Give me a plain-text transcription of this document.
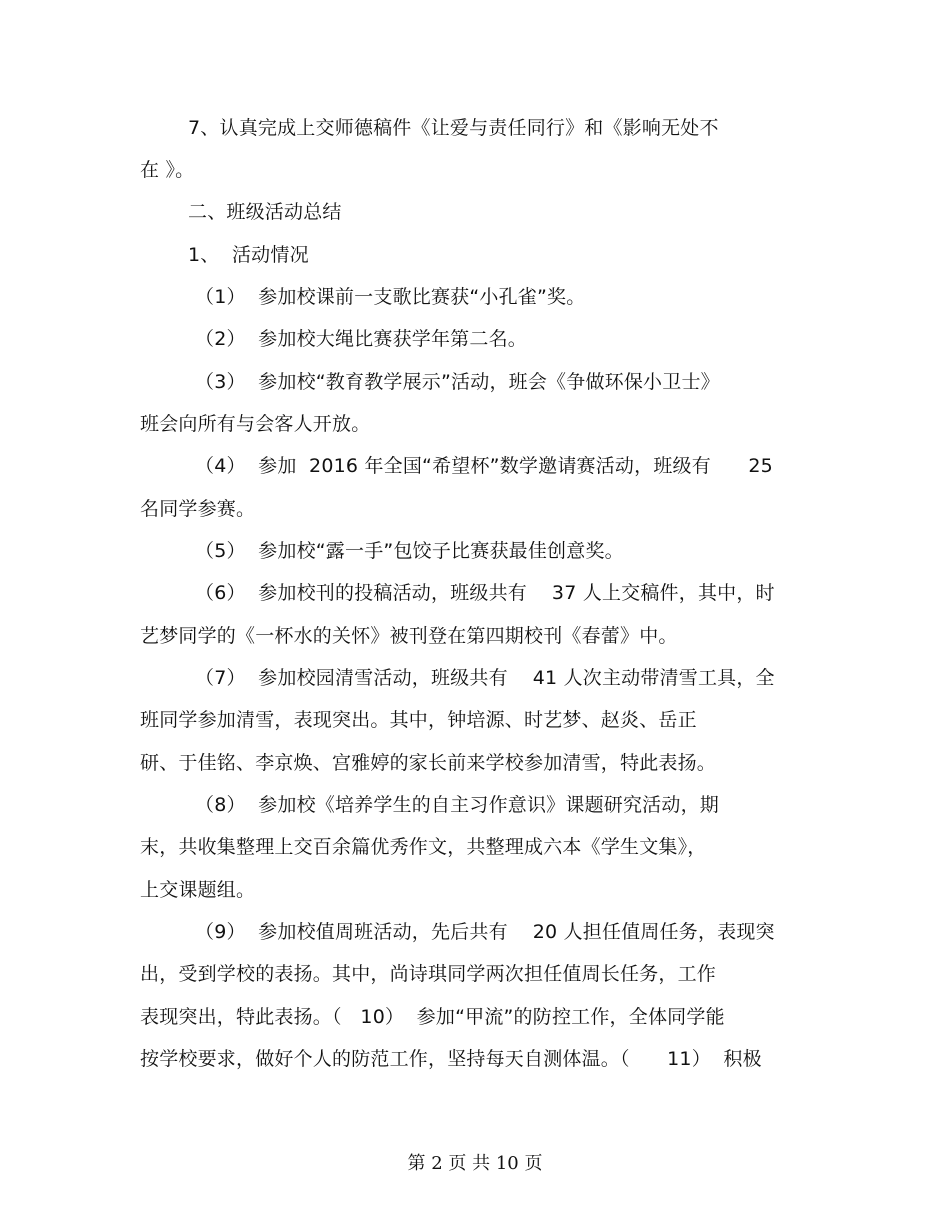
7、认真完成上交师德稿件《让爱与责任同行》和《影响无处不
在 》。
二、班级活动总结
1、  活动情况
（1）  参加校课前一支歌比赛获“小孔雀”奖。
（2）  参加校大绳比赛获学年第二名。
（3）  参加校“教育教学展示”活动，班会《争做环保小卫士》
班会向所有与会客人开放。
（4）  参加  2016 年全国“希望杯”数学邀请赛活动，班级有      25
名同学参赛。
（5）  参加校“露一手”包饺子比赛获最佳创意奖。
（6）  参加校刊的投稿活动，班级共有    37 人上交稿件，其中，时
艺梦同学的《一杯水的关怀》被刊登在第四期校刊《春蕾》中。
（7）  参加校园清雪活动，班级共有    41 人次主动带清雪工具，全
班同学参加清雪，表现突出。其中，钟培源、时艺梦、赵炎、岳正
研、于佳铭、李京焕、宫雅婷的家长前来学校参加清雪，特此表扬。
（8）  参加校《培养学生的自主习作意识》课题研究活动，期
末，共收集整理上交百余篇优秀作文，共整理成六本《学生文集》，
上交课题组。
（9）  参加校值周班活动，先后共有    20 人担任值周任务，表现突
出，受到学校的表扬。其中，尚诗琪同学两次担任值周长任务，工作
表现突出，特此表扬。（   10）  参加“甲流”的防控工作，全体同学能
按学校要求，做好个人的防范工作，坚持每天自测体温。（      11）  积极
第 2 页 共 10 页
